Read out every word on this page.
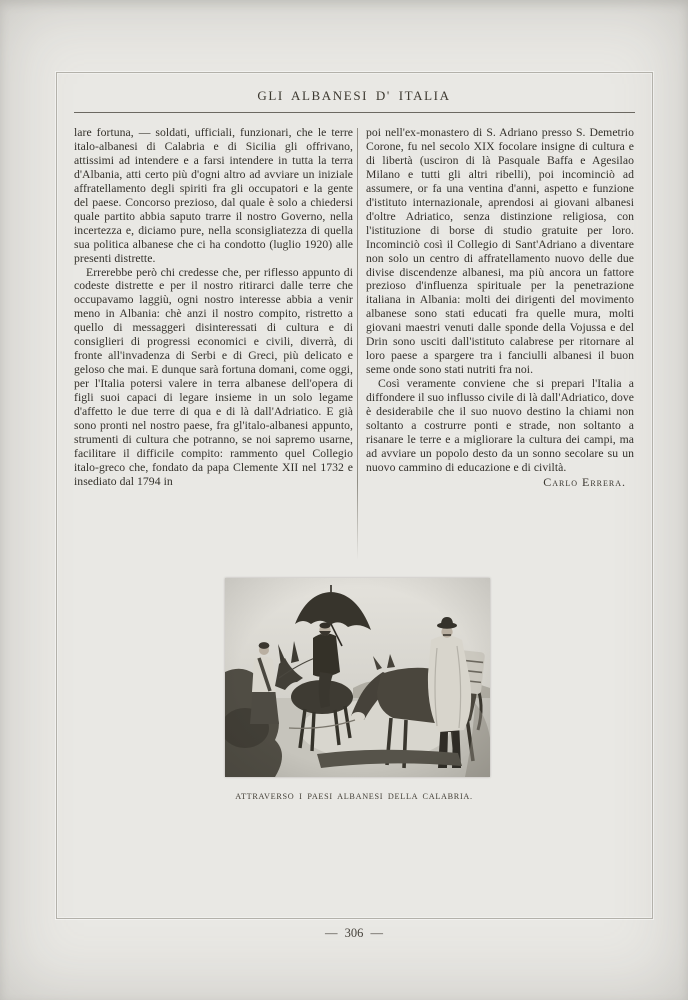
GLI ALBANESI D' ITALIA

lare fortuna, — soldati, ufficiali, funzionari, che le terre italo-albanesi di Calabria e di Sicilia gli offrivano, attissimi ad intendere e a farsi intendere in tutta la terra d'Albania, atti certo più d'ogni altro ad avviare un iniziale affratellamento degli spiriti fra gli occupatori e la gente del paese. Concorso prezioso, dal quale è solo a chiedersi quale partito abbia saputo trarre il nostro Governo, nella incertezza e, diciamo pure, nella sconsigliatezza di quella sua politica albanese che ci ha condotto (luglio 1920) alle presenti distrette.

Errerebbe però chi credesse che, per riflesso appunto di codeste distrette e per il nostro ritirarci dalle terre che occupavamo laggiù, ogni nostro interesse abbia a venir meno in Albania: chè anzi il nostro compito, ristretto a quello di messaggeri disinteressati di cultura e di consiglieri di progressi economici e civili, diverrà, di fronte all'invadenza di Serbi e di Greci, più delicato e geloso che mai. E dunque sarà fortuna domani, come oggi, per l'Italia potersi valere in terra albanese dell'opera di figli suoi capaci di legare insieme in un solo legame d'affetto le due terre di qua e di là dall'Adriatico. E già sono pronti nel nostro paese, fra gl'italo-albanesi appunto, strumenti di cultura che potranno, se noi sapremo usarne, facilitare il difficile compito: rammento quel Collegio italo-greco che, fondato da papa Clemente XII nel 1732 e insediato dal 1794 in

poi nell'ex-monastero di S. Adriano presso S. Demetrio Corone, fu nel secolo XIX focolare insigne di cultura e di libertà (usciron di là Pasquale Baffa e Agesilao Milano e tutti gli altri ribelli), poi incominciò ad assumere, or fa una ventina d'anni, aspetto e funzione d'istituto internazionale, aprendosi ai giovani albanesi d'oltre Adriatico, senza distinzione religiosa, con l'istituzione di borse di studio gratuite per loro. Incominciò così il Collegio di Sant'Adriano a diventare non solo un centro di affratellamento nuovo delle due divise discendenze albanesi, ma più ancora un fattore prezioso d'influenza spirituale per la penetrazione italiana in Albania: molti dei dirigenti del movimento albanese sono stati educati fra quelle mura, molti giovani maestri venuti dalle sponde della Vojussa e del Drin sono usciti dall'istituto calabrese per ritornare al loro paese a spargere tra i fanciulli albanesi il buon seme onde sono stati nutriti fra noi.

Così veramente conviene che si prepari l'Italia a diffondere il suo influsso civile di là dall'Adriatico, dove è desiderabile che il suo nuovo destino la chiami non soltanto a costrurre ponti e strade, non soltanto a risanare le terre e a migliorare la cultura dei campi, ma ad avviare un popolo desto da un sonno secolare su un nuovo cammino di educazione e di civiltà.

Carlo Errera.

ATTRAVERSO I PAESI ALBANESI DELLA CALABRIA.
— 306 —
